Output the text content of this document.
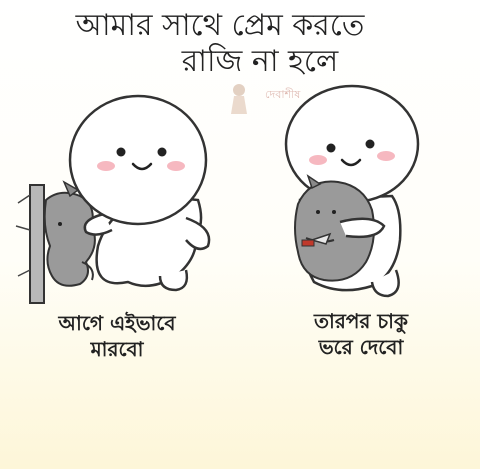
আমার সাথে প্রেম করতে
রাজি না হলে
দেবাশীষ
আগে এইভাবে
মারবো
তারপর চাকু
ভরে দেবো
